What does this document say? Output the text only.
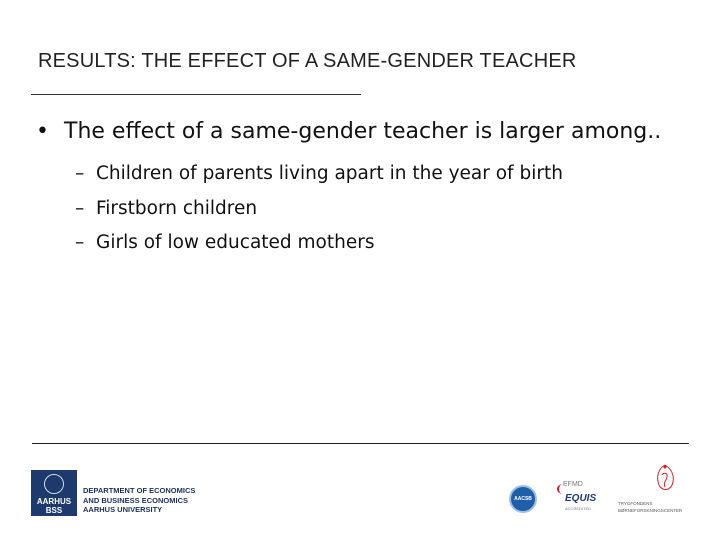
RESULTS: THE EFFECT OF A SAME-GENDER TEACHER
• The effect of a same-gender teacher is larger among..
– Children of parents living apart in the year of birth
– Firstborn children
– Girls of low educated mothers
AARHUS
BSS
DEPARTMENT OF ECONOMICS
AND BUSINESS ECONOMICS
AARHUS UNIVERSITY
AACSB
EFMD
EQUIS
ACCREDITED
TRYGFONDENS
BØRNEFORSKNINGSCENTER
